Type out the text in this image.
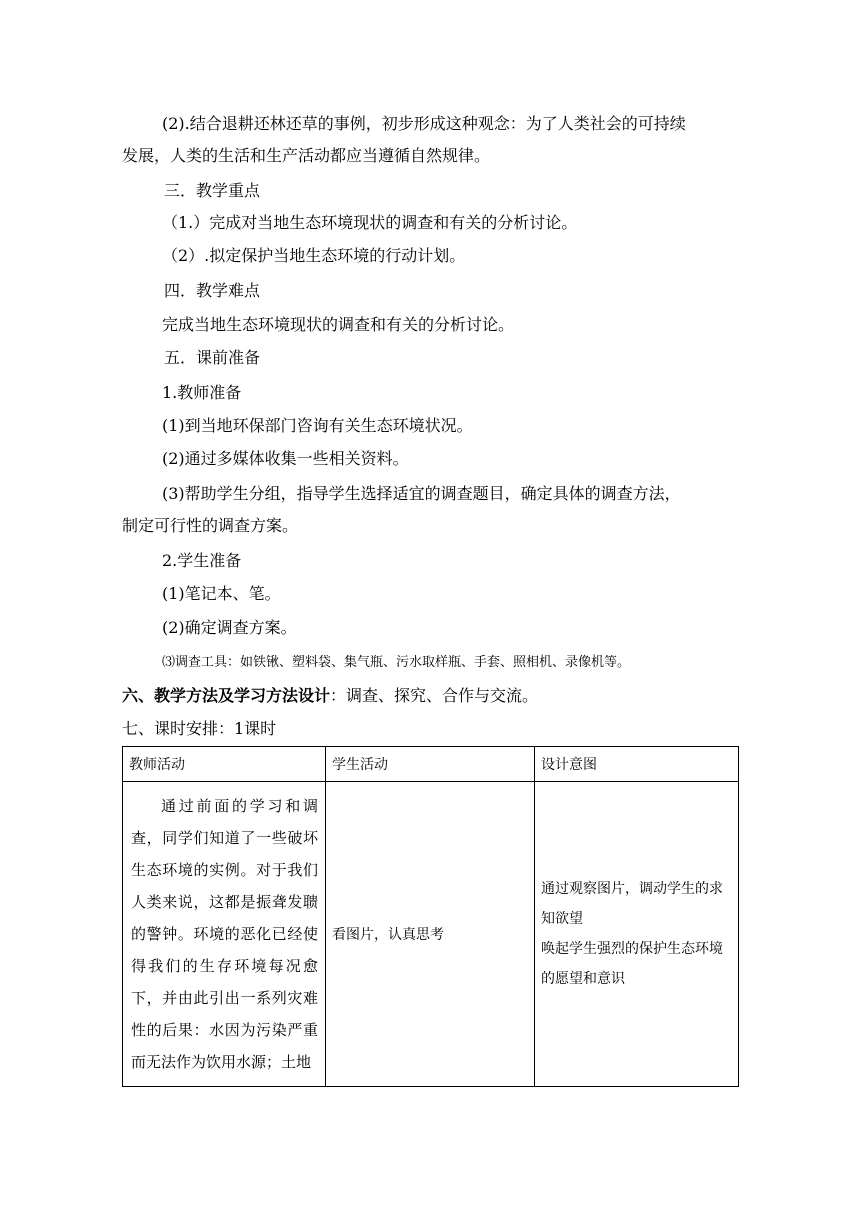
(2).结合退耕还林还草的事例，初步形成这种观念：为了人类社会的可持续
发展，人类的生活和生产活动都应当遵循自然规律。
三．教学重点
（1.）完成对当地生态环境现状的调查和有关的分析讨论。
（2）.拟定保护当地生态环境的行动计划。
四．教学难点
完成当地生态环境现状的调查和有关的分析讨论。
五．课前准备
1.教师准备
(1)到当地环保部门咨询有关生态环境状况。
(2)通过多媒体收集一些相关资料。
(3)帮助学生分组，指导学生选择适宜的调查题目，确定具体的调查方法，
制定可行性的调查方案。
2.学生准备
(1)笔记本、笔。
(2)确定调查方案。
⑶调查工具：如铁锹、塑料袋、集气瓶、污水取样瓶、手套、照相机、录像机等。
六、教学方法及学习方法设计：调查、探究、合作与交流。
七、课时安排：1课时
教师活动	学生活动	设计意图

通过前面的学习和调查，同学们知道了一些破坏生态环境的实例。对于我们人类来说，这都是振聋发聩的警钟。环境的恶化已经使得我们的生存环境每况愈下，并由此引出一系列灾难性的后果：水因为污染严重而无法作为饮用水源；土地	看图片，认真思考	通过观察图片，调动学生的求知欲望
唤起学生强烈的保护生态环境的愿望和意识
